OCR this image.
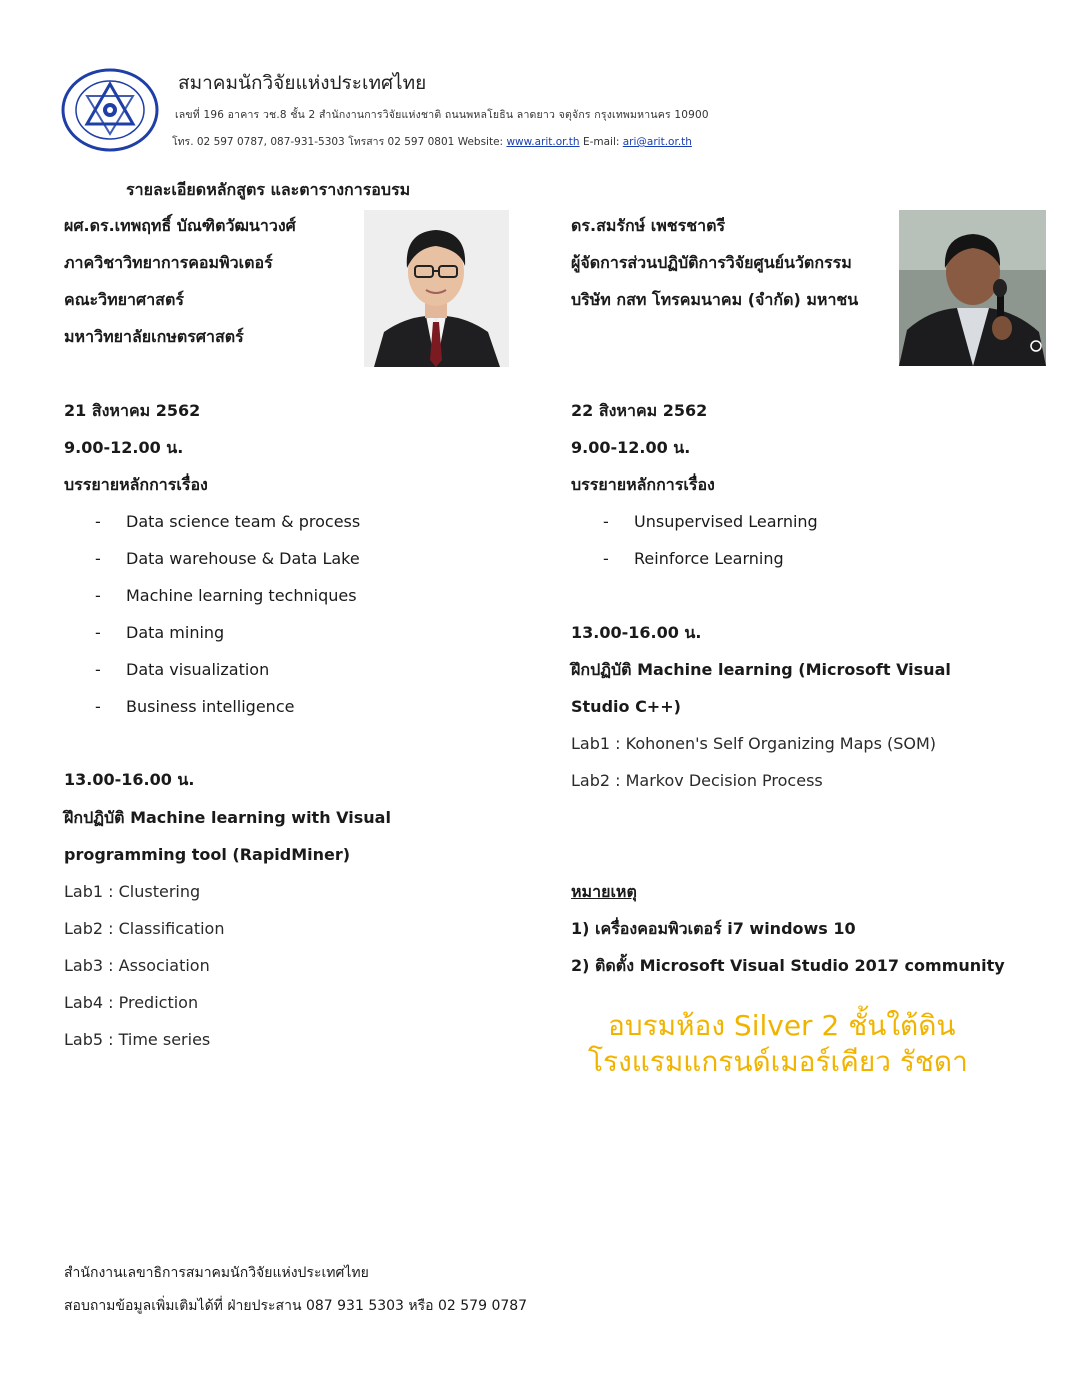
สมาคมนักวิจัยแห่งประเทศไทย
เลขที่ 196 อาคาร วช.8 ชั้น 2 สำนักงานการวิจัยแห่งชาติ ถนนพหลโยธิน ลาดยาว จตุจักร กรุงเทพมหานคร 10900
โทร. 02 597 0787, 087-931-5303 โทรสาร 02 597 0801 Website: www.arit.or.th E-mail: ari@arit.or.th
รายละเอียดหลักสูตร และตารางการอบรม
ผศ.ดร.เทพฤทธิ์ บัณฑิตวัฒนาวงศ์
ภาควิชาวิทยาการคอมพิวเตอร์
คณะวิทยาศาสตร์
มหาวิทยาลัยเกษตรศาสตร์
ดร.สมรักษ์ เพชรชาตรี
ผู้จัดการส่วนปฏิบัติการวิจัยศูนย์นวัตกรรม
บริษัท กสท โทรคมนาคม (จำกัด) มหาชน
21 สิงหาคม 2562
9.00-12.00 น.
บรรยายหลักการเรื่อง
- Data science team & process
- Data warehouse & Data Lake
- Machine learning techniques
- Data mining
- Data visualization
- Business intelligence
13.00-16.00 น.
ฝึกปฏิบัติ Machine learning with Visual
programming tool (RapidMiner)
Lab1 : Clustering
Lab2 : Classification
Lab3 : Association
Lab4 : Prediction
Lab5 : Time series
22 สิงหาคม 2562
9.00-12.00 น.
บรรยายหลักการเรื่อง
- Unsupervised Learning
- Reinforce Learning
13.00-16.00 น.
ฝึกปฏิบัติ Machine learning (Microsoft Visual
Studio C++)
Lab1 : Kohonen's Self Organizing Maps (SOM)
Lab2 : Markov Decision Process
หมายเหตุ
1) เครื่องคอมพิวเตอร์ i7 windows 10
2) ติดตั้ง Microsoft Visual Studio 2017 community
อบรมห้อง Silver 2 ชั้นใต้ดิน
โรงแรมแกรนด์เมอร์เคียว รัชดา
สำนักงานเลขาธิการสมาคมนักวิจัยแห่งประเทศไทย
สอบถามข้อมูลเพิ่มเติมได้ที่ ฝ่ายประสาน 087 931 5303 หรือ 02 579 0787
